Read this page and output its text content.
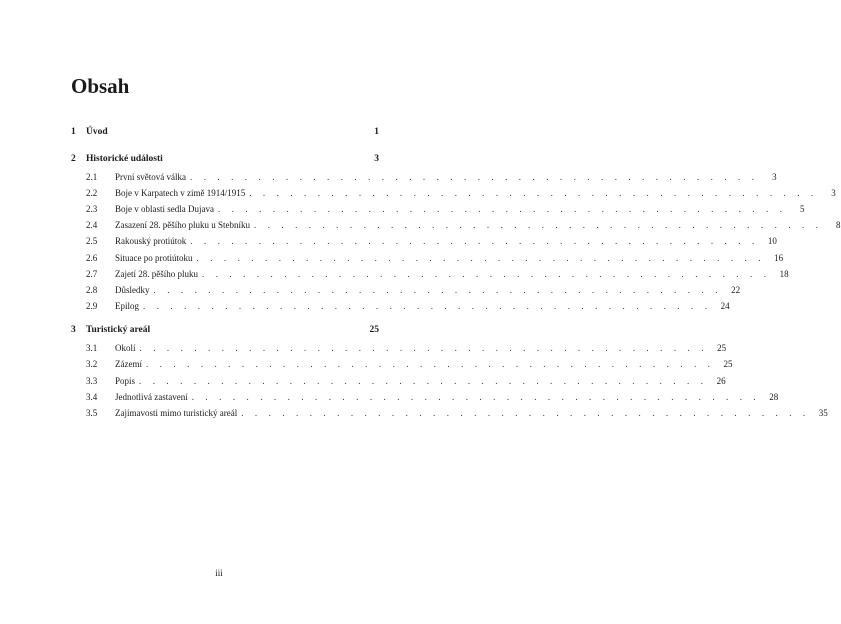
Obsah
1	Úvod	1
2	Historické události	3
2.1	První světová válka . . . . . . . . . . . . . . . . . . . . . . . . . . . . . . . . . . . . . . . . . .	3
2.2	Boje v Karpatech v zimě 1914/1915 . . . . . . . . . . . . . . . . . . . . . . . . . . . . . . . . . . . . . . . . . .	3
2.3	Boje v oblasti sedla Dujava . . . . . . . . . . . . . . . . . . . . . . . . . . . . . . . . . . . . . . . . . .	5
2.4	Zasazení 28. pěšího pluku u Stebníku . . . . . . . . . . . . . . . . . . . . . . . . . . . . . . . . . . . . . . . . . .	8
2.5	Rakouský protiútok . . . . . . . . . . . . . . . . . . . . . . . . . . . . . . . . . . . . . . . . . .	10
2.6	Situace po protiútoku . . . . . . . . . . . . . . . . . . . . . . . . . . . . . . . . . . . . . . . . . .	16
2.7	Zajetí 28. pěšího pluku . . . . . . . . . . . . . . . . . . . . . . . . . . . . . . . . . . . . . . . . . .	18
2.8	Důsledky . . . . . . . . . . . . . . . . . . . . . . . . . . . . . . . . . . . . . . . . . .	22
2.9	Epilog . . . . . . . . . . . . . . . . . . . . . . . . . . . . . . . . . . . . . . . . . .	24
3	Turistický areál	25
3.1	Okolí . . . . . . . . . . . . . . . . . . . . . . . . . . . . . . . . . . . . . . . . . .	25
3.2	Zázemí . . . . . . . . . . . . . . . . . . . . . . . . . . . . . . . . . . . . . . . . . .	25
3.3	Popis . . . . . . . . . . . . . . . . . . . . . . . . . . . . . . . . . . . . . . . . . .	26
3.4	Jednotlivá zastavení . . . . . . . . . . . . . . . . . . . . . . . . . . . . . . . . . . . . . . . . . .	28
3.5	Zajímavosti mimo turistický areál . . . . . . . . . . . . . . . . . . . . . . . . . . . . . . . . . . . . . . . . . .	35
iii
